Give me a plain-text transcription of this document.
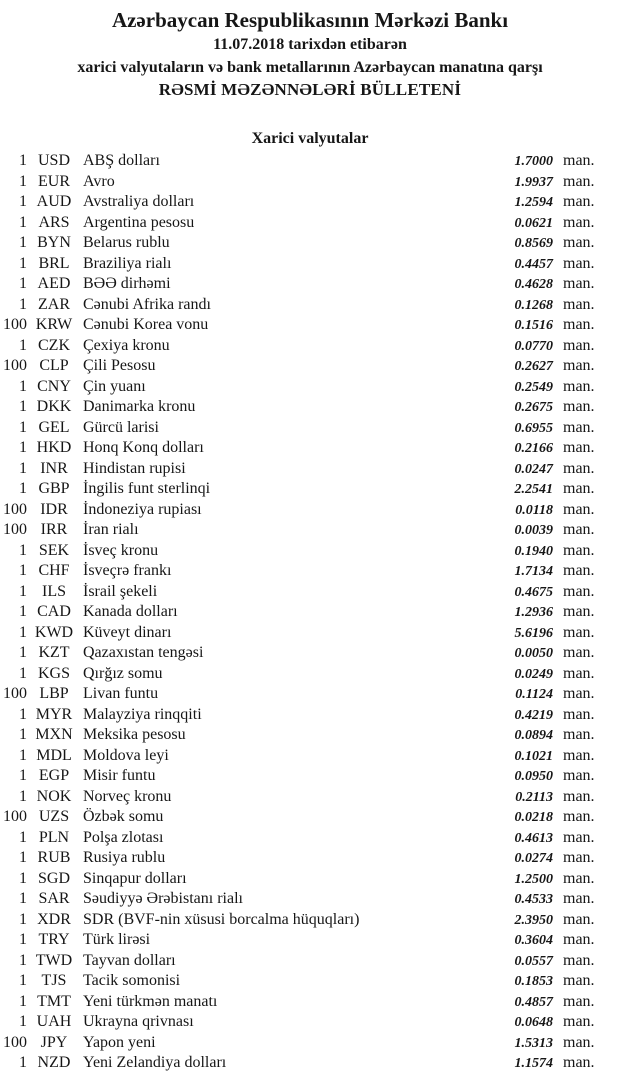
Azərbaycan Respublikasının Mərkəzi Bankı
11.07.2018 tarixdən etibarən
xarici valyutaların və bank metallarının Azərbaycan manatına qarşı
RƏSMİ MƏZƏNNƏLƏRİ BÜLLETENİ
Xarici valyutalar
1 USD ABŞ dolları	1.7000 man.
1 EUR Avro	1.9937 man.
1 AUD Avstraliya dolları	1.2594 man.
1 ARS Argentina pesosu	0.0621 man.
1 BYN Belarus rublu	0.8569 man.
1 BRL Braziliya rialı	0.4457 man.
1 AED BƏƏ dirhəmi	0.4628 man.
1 ZAR Cənubi Afrika randı	0.1268 man.
100 KRW Cənubi Korea vonu	0.1516 man.
1 CZK Çexiya kronu	0.0770 man.
100 CLP Çili Pesosu	0.2627 man.
1 CNY Çin yuanı	0.2549 man.
1 DKK Danimarka kronu	0.2675 man.
1 GEL Gürcü larisi	0.6955 man.
1 HKD Honq Konq dolları	0.2166 man.
1 INR Hindistan rupisi	0.0247 man.
1 GBP İngilis funt sterlinqi	2.2541 man.
100 IDR İndoneziya rupiası	0.0118 man.
100 IRR İran rialı	0.0039 man.
1 SEK İsveç kronu	0.1940 man.
1 CHF İsveçrə frankı	1.7134 man.
1 ILS	İsrail şekeli	0.4675 man.
1 CAD Kanada dolları	1.2936 man.
1 KWD Küveyt dinarı	5.6196 man.
1 KZT Qazaxıstan tengəsi	0.0050 man.
1 KGS Qırğız somu	0.0249 man.
100 LBP Livan funtu	0.1124 man.
1 MYR Malayziya rinqqiti	0.4219 man.
1 MXN Meksika pesosu	0.0894 man.
1 MDL Moldova leyi	0.1021 man.
1 EGP Misir funtu	0.0950 man.
1 NOK Norveç kronu	0.2113 man.
100 UZS Özbək somu	0.0218 man.
1 PLN Polşa zlotası	0.4613 man.
1 RUB Rusiya rublu	0.0274 man.
1 SGD Sinqapur dolları	1.2500 man.
1 SAR Səudiyyə Ərəbistanı rialı	0.4533 man.
1 XDR SDR (BVF-nin xüsusi borcalma hüquqları)	2.3950 man.
1 TRY Türk lirəsi	0.3604 man.
1 TWD Tayvan dolları	0.0557 man.
1 TJS	Tacik somonisi	0.1853 man.
1 TMT Yeni türkmən manatı	0.4857 man.
1 UAH Ukrayna qrivnası	0.0648 man.
100 JPY Yapon yeni	1.5313 man.
1 NZD Yeni Zelandiya dolları	1.1574 man.
